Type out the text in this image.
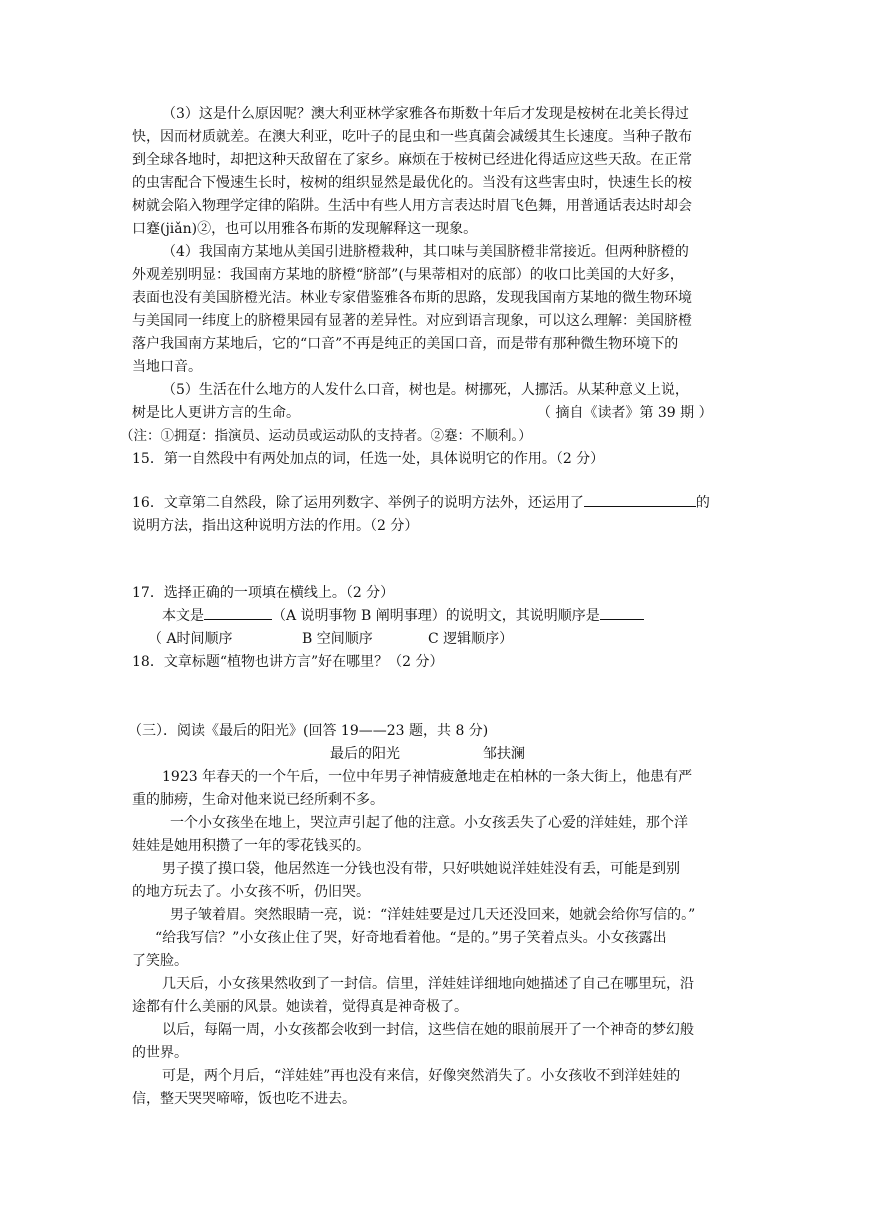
（3）这是什么原因呢？澳大利亚林学家雅各布斯数十年后才发现是桉树在北美长得过
快，因而材质就差。在澳大利亚，吃叶子的昆虫和一些真菌会减缓其生长速度。当种子散布
到全球各地时，却把这种天敌留在了家乡。麻烦在于桉树已经进化得适应这些天敌。在正常
的虫害配合下慢速生长时，桉树的组织显然是最优化的。当没有这些害虫时，快速生长的桉
树就会陷入物理学定律的陷阱。生活中有些人用方言表达时眉飞色舞，用普通话表达时却会
口蹇(jiǎn)②，也可以用雅各布斯的发现解释这一现象。
（4）我国南方某地从美国引进脐橙栽种，其口味与美国脐橙非常接近。但两种脐橙的
外观差别明显：我国南方某地的脐橙“脐部”(与果蒂相对的底部）的收口比美国的大好多，
表面也没有美国脐橙光洁。林业专家借鉴雅各布斯的思路，发现我国南方某地的微生物环境
与美国同一纬度上的脐橙果园有显著的差异性。对应到语言现象，可以这么理解：美国脐橙
落户我国南方某地后，它的“口音”不再是纯正的美国口音，而是带有那种微生物环境下的
当地口音。
（5）生活在什么地方的人发什么口音，树也是。树挪死，人挪活。从某种意义上说，
树是比人更讲方言的生命。	（ 摘自《读者》第 39 期 ）
（注：①拥趸：指演员、运动员或运动队的支持者。②蹇：不顺利。）
15．第一自然段中有两处加点的词，任选一处，具体说明它的作用。（2 分）
16．文章第二自然段，除了运用列数字、举例子的说明方法外，还运用了	的
说明方法，指出这种说明方法的作用。（2 分）
17．选择正确的一项填在横线上。（2 分）
本文是	（A 说明事物 B 阐明事理）的说明文，其说明顺序是
（ A时间顺序	B 空间顺序	C 逻辑顺序）
18．文章标题“植物也讲方言”好在哪里？（2 分）
（三）．阅读《最后的阳光》(回答 19——23 题，共 8 分)
最后的阳光	邹扶澜
1923 年春天的一个午后，一位中年男子神情疲惫地走在柏林的一条大街上，他患有严
重的肺痨，生命对他来说已经所剩不多。
一个小女孩坐在地上，哭泣声引起了他的注意。小女孩丢失了心爱的洋娃娃，那个洋
娃娃是她用积攒了一年的零花钱买的。
男子摸了摸口袋，他居然连一分钱也没有带，只好哄她说洋娃娃没有丢，可能是到别
的地方玩去了。小女孩不听，仍旧哭。
男子皱着眉。突然眼睛一亮，说：“洋娃娃要是过几天还没回来，她就会给你写信的。”
“给我写信？”小女孩止住了哭，好奇地看着他。“是的。”男子笑着点头。小女孩露出
了笑脸。
几天后，小女孩果然收到了一封信。信里，洋娃娃详细地向她描述了自己在哪里玩，沿
途都有什么美丽的风景。她读着，觉得真是神奇极了。
以后，每隔一周，小女孩都会收到一封信，这些信在她的眼前展开了一个神奇的梦幻般
的世界。
可是，两个月后，“洋娃娃”再也没有来信，好像突然消失了。小女孩收不到洋娃娃的
信，整天哭哭啼啼，饭也吃不进去。
